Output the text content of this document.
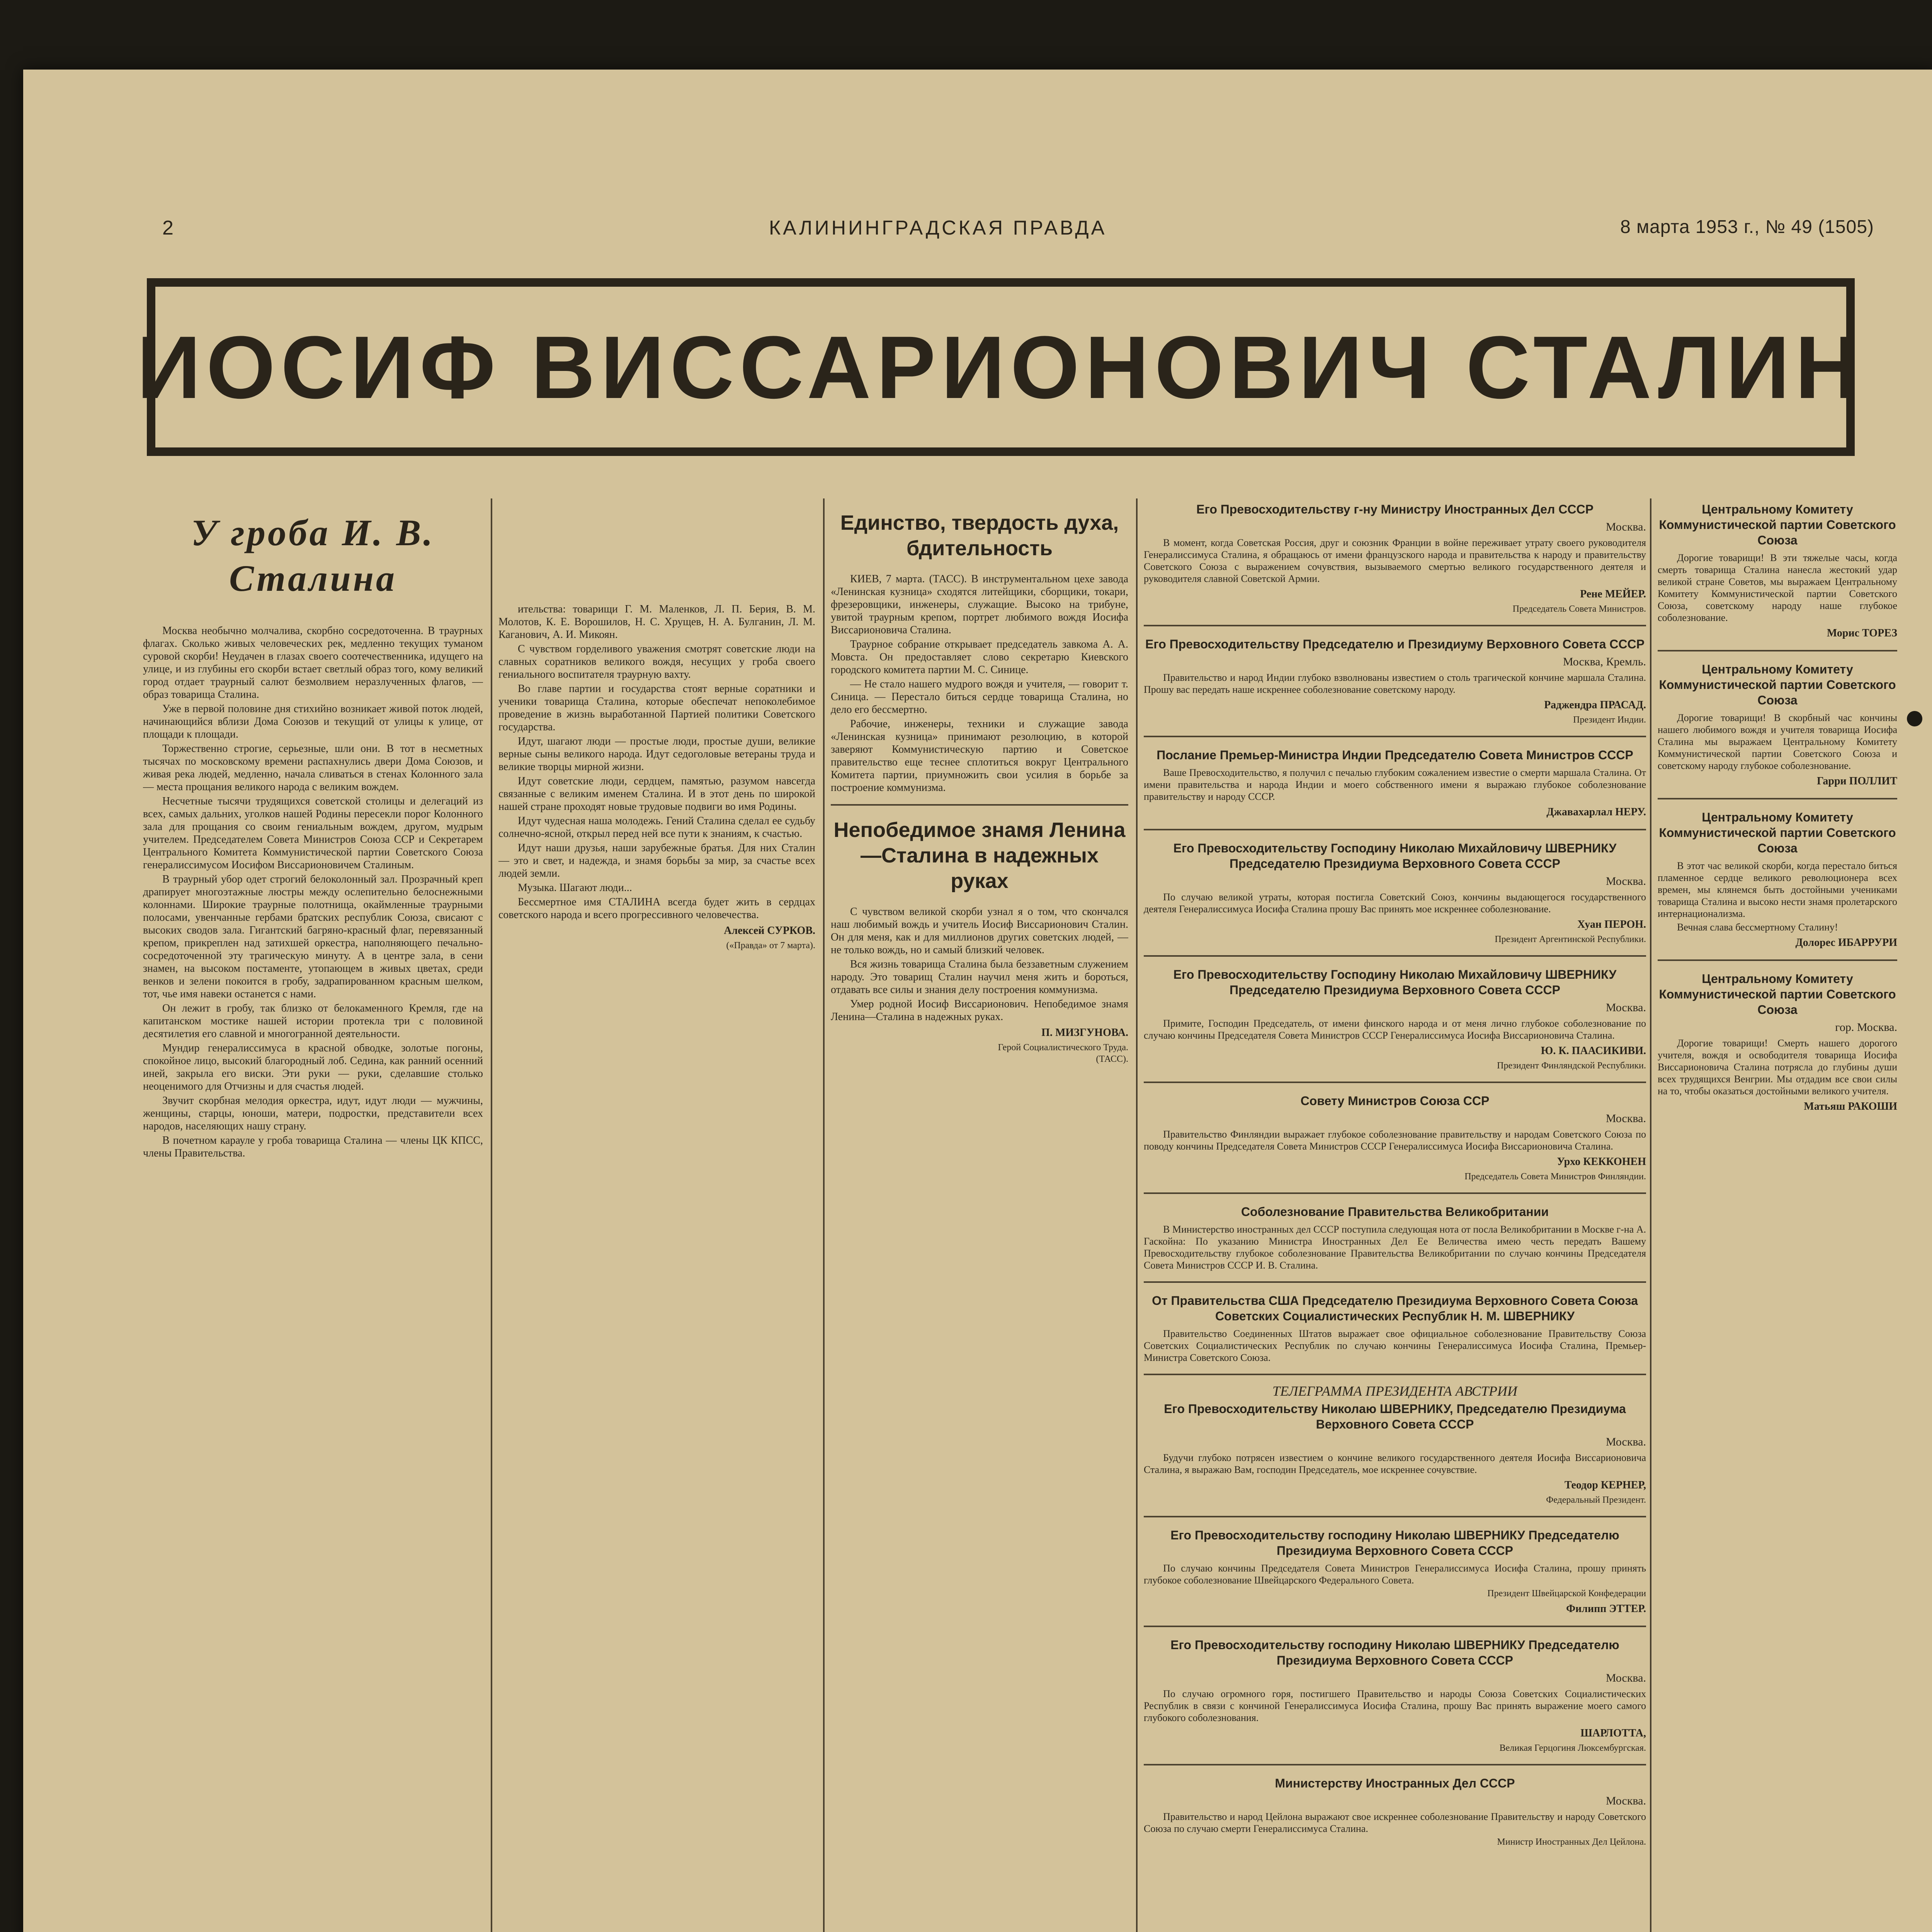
2	КАЛИНИНГРАДСКАЯ ПРАВДА	8 марта 1953 г., № 49 (1505)
ИОСИФ ВИССАРИОНОВИЧ СТАЛИН
У гроба И. В. Сталина

Москва необычно молчалива, скорбно сосредоточенна. В траурных флагах. Сколько живых человеческих рек, медленно текущих туманом суровой скорби! Неудачен в глазах своего соотечественника, идущего на улице, и из глубины его скорби встает светлый образ того, кому великий город отдает траурный салют безмолвием неразлученных флагов, — образ товарища Сталина.

Уже в первой половине дня стихийно возникает живой поток людей, начинающийся вблизи Дома Союзов и текущий от улицы к улице, от площади к площади.

Торжественно строгие, серьезные, шли они. В тот в несметных тысячах по московскому времени распахнулись двери Дома Союзов, и живая река людей, медленно, начала сливаться в стенах Колонного зала — места прощания великого народа с великим вождем.

Несчетные тысячи трудящихся советской столицы и делегаций из всех, самых дальних, уголков нашей Родины пересекли порог Колонного зала для прощания со своим гениальным вождем, другом, мудрым учителем. Председателем Совета Министров Союза ССР и Секретарем Центрального Комитета Коммунистической партии Советского Союза генералиссимусом Иосифом Виссарионовичем Сталиным.

В траурный убор одет строгий белоколонный зал. Прозрачный креп драпирует многоэтажные люстры между ослепительно белоснежными колоннами. Широкие траурные полотнища, окаймленные траурными полосами, увенчанные гербами братских республик Союза, свисают с высоких сводов зала. Гигантский багряно-красный флаг, перевязанный крепом, прикреплен над затихшей оркестра, наполняющего печально-сосредоточенной эту трагическую минуту. А в центре зала, в сени знамен, на высоком постаменте, утопающем в живых цветах, среди венков и зелени покоится в гробу, задрапированном красным шелком, тот, чье имя навеки останется с нами.

Он лежит в гробу, так близко от белокаменного Кремля, где на капитанском мостике нашей истории протекла три с половиной десятилетия его славной и многогранной деятельности.

Мундир генералиссимуса в красной обводке, золотые погоны, спокойное лицо, высокий благородный лоб. Седина, как ранний осенний иней, закрыла его виски. Эти руки — руки, сделавшие столько неоценимого для Отчизны и для счастья людей.

Звучит скорбная мелодия оркестра, идут, идут люди — мужчины, женщины, старцы, юноши, матери, подростки, представители всех народов, населяющих нашу страну.

В почетном карауле у гроба товарища Сталина — члены ЦК КПСС, члены Правительства.

ительства: товарищи Г. М. Маленков, Л. П. Берия, В. М. Молотов, К. Е. Ворошилов, Н. С. Хрущев, Н. А. Булганин, Л. М. Каганович, А. И. Микоян.

С чувством горделивого уважения смотрят советские люди на славных соратников великого вождя, несущих у гроба своего гениального воспитателя траурную вахту.

Во главе партии и государства стоят верные соратники и ученики товарища Сталина, которые обеспечат непоколебимое проведение в жизнь выработанной Партией политики Советского государства.

Идут, шагают люди — простые люди, простые души, великие верные сыны великого народа. Идут седоголовые ветераны труда и великие творцы мирной жизни.

Идут советские люди, сердцем, памятью, разумом навсегда связанные с великим именем Сталина. И в этот день по широкой нашей стране проходят новые трудовые подвиги во имя Родины.

Идут чудесная наша молодежь. Гений Сталина сделал ее судьбу солнечно-ясной, открыл перед ней все пути к знаниям, к счастью.

Идут наши друзья, наши зарубежные братья. Для них Сталин — это и свет, и надежда, и знамя борьбы за мир, за счастье всех людей земли.

Музыка. Шагают люди...

Бессмертное имя СТАЛИНА всегда будет жить в сердцах советского народа и всего прогрессивного человечества.

Алексей СУРКОВ.
(«Правда» от 7 марта).
Единство, твердость духа, бдительность

КИЕВ, 7 марта. (ТАСС). В инструментальном цехе завода «Ленинская кузница» сходятся литейщики, сборщики, токари, фрезеровщики, инженеры, служащие. Высоко на трибуне, увитой траурным крепом, портрет любимого вождя Иосифа Виссарионовича Сталина.

Траурное собрание открывает председатель завкома А. А. Мовста. Он предоставляет слово секретарю Киевского городского комитета партии М. С. Синице.

— Не стало нашего мудрого вождя и учителя, — говорит т. Синица. — Перестало биться сердце товарища Сталина, но дело его бессмертно.

Рабочие, инженеры, техники и служащие завода «Ленинская кузница» принимают резолюцию, в которой заверяют Коммунистическую партию и Советское правительство еще теснее сплотиться вокруг Центрального Комитета партии, приумножить свои усилия в борьбе за построение коммунизма.

Непобедимое знамя Ленина—Сталина в надежных руках

С чувством великой скорби узнал я о том, что скончался наш любимый вождь и учитель Иосиф Виссарионович Сталин. Он для меня, как и для миллионов других советских людей, — не только вождь, но и самый близкий человек.

Вся жизнь товарища Сталина была беззаветным служением народу. Это товарищ Сталин научил меня жить и бороться, отдавать все силы и знания делу построения коммунизма.

Умер родной Иосиф Виссарионович. Непобедимое знамя Ленина—Сталина в надежных руках.

П. МИЗГУНОВА.
Герой Социалистического Труда.
(ТАСС).
Его Превосходительству г-ну Министру Иностранных Дел СССР
Москва.

В момент, когда Советская Россия, друг и союзник Франции в войне переживает утрату своего руководителя Генералиссимуса Сталина, я обращаюсь от имени французского народа и правительства к народу и правительству Советского Союза с выражением сочувствия, вызываемого смертью великого государственного деятеля и руководителя славной Советской Армии.

Рене МЕЙЕР.
Председатель Совета Министров.
Его Превосходительству Председателю и Президиуму Верховного Совета СССР
Москва, Кремль.

Правительство и народ Индии глубоко взволнованы известием о столь трагической кончине маршала Сталина. Прошу вас передать наше искреннее соболезнование советскому народу.

Раджендра ПРАСАД.
Президент Индии.
Послание Премьер-Министра Индии Председателю Совета Министров СССР

Ваше Превосходительство, я получил с печалью глубоким сожалением известие о смерти маршала Сталина. От имени правительства и народа Индии и моего собственного имени я выражаю глубокое соболезнование правительству и народу СССР.

Джавахарлал НЕРУ.
Его Превосходительству Господину Николаю Михайловичу ШВЕРНИКУ Председателю Президиума Верховного Совета СССР
Москва.

По случаю великой утраты, которая постигла Советский Союз, кончины выдающегося государственного деятеля Генералиссимуса Иосифа Сталина прошу Вас принять мое искреннее соболезнование.

Хуан ПЕРОН.
Президент Аргентинской Республики.
Его Превосходительству Господину Николаю Михайловичу ШВЕРНИКУ Председателю Президиума Верховного Совета СССР
Москва.

Примите, Господин Председатель, от имени финского народа и от меня лично глубокое соболезнование по случаю кончины Председателя Совета Министров СССР Генералиссимуса Иосифа Виссарионовича Сталина.

Ю. К. ПААСИКИВИ.
Президент Финляндской Республики.
Совету Министров Союза ССР
Москва.

Правительство Финляндии выражает глубокое соболезнование правительству и народам Советского Союза по поводу кончины Председателя Совета Министров СССР Генералиссимуса Иосифа Виссарионовича Сталина.

Урхо КЕККОНЕН
Председатель Совета Министров Финляндии.
Соболезнование Правительства Великобритании

В Министерство иностранных дел СССР поступила следующая нота от посла Великобритании в Москве г-на А. Гаскойна: По указанию Министра Иностранных Дел Ее Величества имею честь передать Вашему Превосходительству глубокое соболезнование Правительства Великобритании по случаю кончины Председателя Совета Министров СССР И. В. Сталина.

От Правительства США Председателю Президиума Верховного Совета Союза Советских Социалистических Республик Н. М. ШВЕРНИКУ

Правительство Соединенных Штатов выражает свое официальное соболезнование Правительству Союза Советских Социалистических Республик по случаю кончины Генералиссимуса Иосифа Сталина, Премьер-Министра Советского Союза.

ТЕЛЕГРАММА ПРЕЗИДЕНТА АВСТРИИ
Его Превосходительству Николаю ШВЕРНИКУ, Председателю Президиума Верховного Совета СССР
Москва.

Будучи глубоко потрясен известием о кончине великого государственного деятеля Иосифа Виссарионовича Сталина, я выражаю Вам, господин Председатель, мое искреннее сочувствие.

Теодор КЕРНЕР,
Федеральный Президент.
Его Превосходительству господину Николаю ШВЕРНИКУ Председателю Президиума Верховного Совета СССР

По случаю кончины Председателя Совета Министров Генералиссимуса Иосифа Сталина, прошу принять глубокое соболезнование Швейцарского Федерального Совета.

Президент Швейцарской Конфедерации
Филипп ЭТТЕР.
Его Превосходительству господину Николаю ШВЕРНИКУ Председателю Президиума Верховного Совета СССР
Москва.

По случаю огромного горя, постигшего Правительство и народы Союза Советских Социалистических Республик в связи с кончиной Генералиссимуса Иосифа Сталина, прошу Вас принять выражение моего самого глубокого соболезнования.

ШАРЛОТТА,
Великая Герцогиня Люксембургская.
Министерству Иностранных Дел СССР
Москва.

Правительство и народ Цейлона выражают свое искреннее соболезнование Правительству и народу Советского Союза по случаю смерти Генералиссимуса Сталина.

Министр Иностранных Дел Цейлона.
Центральному Комитету Коммунистической партии Советского Союза

Дорогие товарищи! В эти тяжелые часы, когда смерть товарища Сталина нанесла жестокий удар великой стране Советов, мы выражаем Центральному Комитету Коммунистической партии Советского Союза, советскому народу наше глубокое соболезнование.

Морис ТОРЕЗ
Центральному Комитету Коммунистической партии Советского Союза

Дорогие товарищи! В скорбный час кончины нашего любимого вождя и учителя товарища Иосифа Сталина мы выражаем Центральному Комитету Коммунистической партии Советского Союза и советскому народу глубокое соболезнование.

Гарри ПОЛЛИТ
Центральному Комитету Коммунистической партии Советского Союза

В этот час великой скорби, когда перестало биться пламенное сердце великого революционера всех времен, мы клянемся быть достойными учениками товарища Сталина и высоко нести знамя пролетарского интернационализма.

Вечная слава бессмертному Сталину!

Долорес ИБАРРУРИ
Центральному Комитету Коммунистической партии Советского Союза
гор. Москва.

Дорогие товарищи! Смерть нашего дорогого учителя, вождя и освободителя товарища Иосифа Виссарионовича Сталина потрясла до глубины души всех трудящихся Венгрии. Мы отдадим все свои силы на то, чтобы оказаться достойными великого учителя.

Матьяш РАКОШИ
